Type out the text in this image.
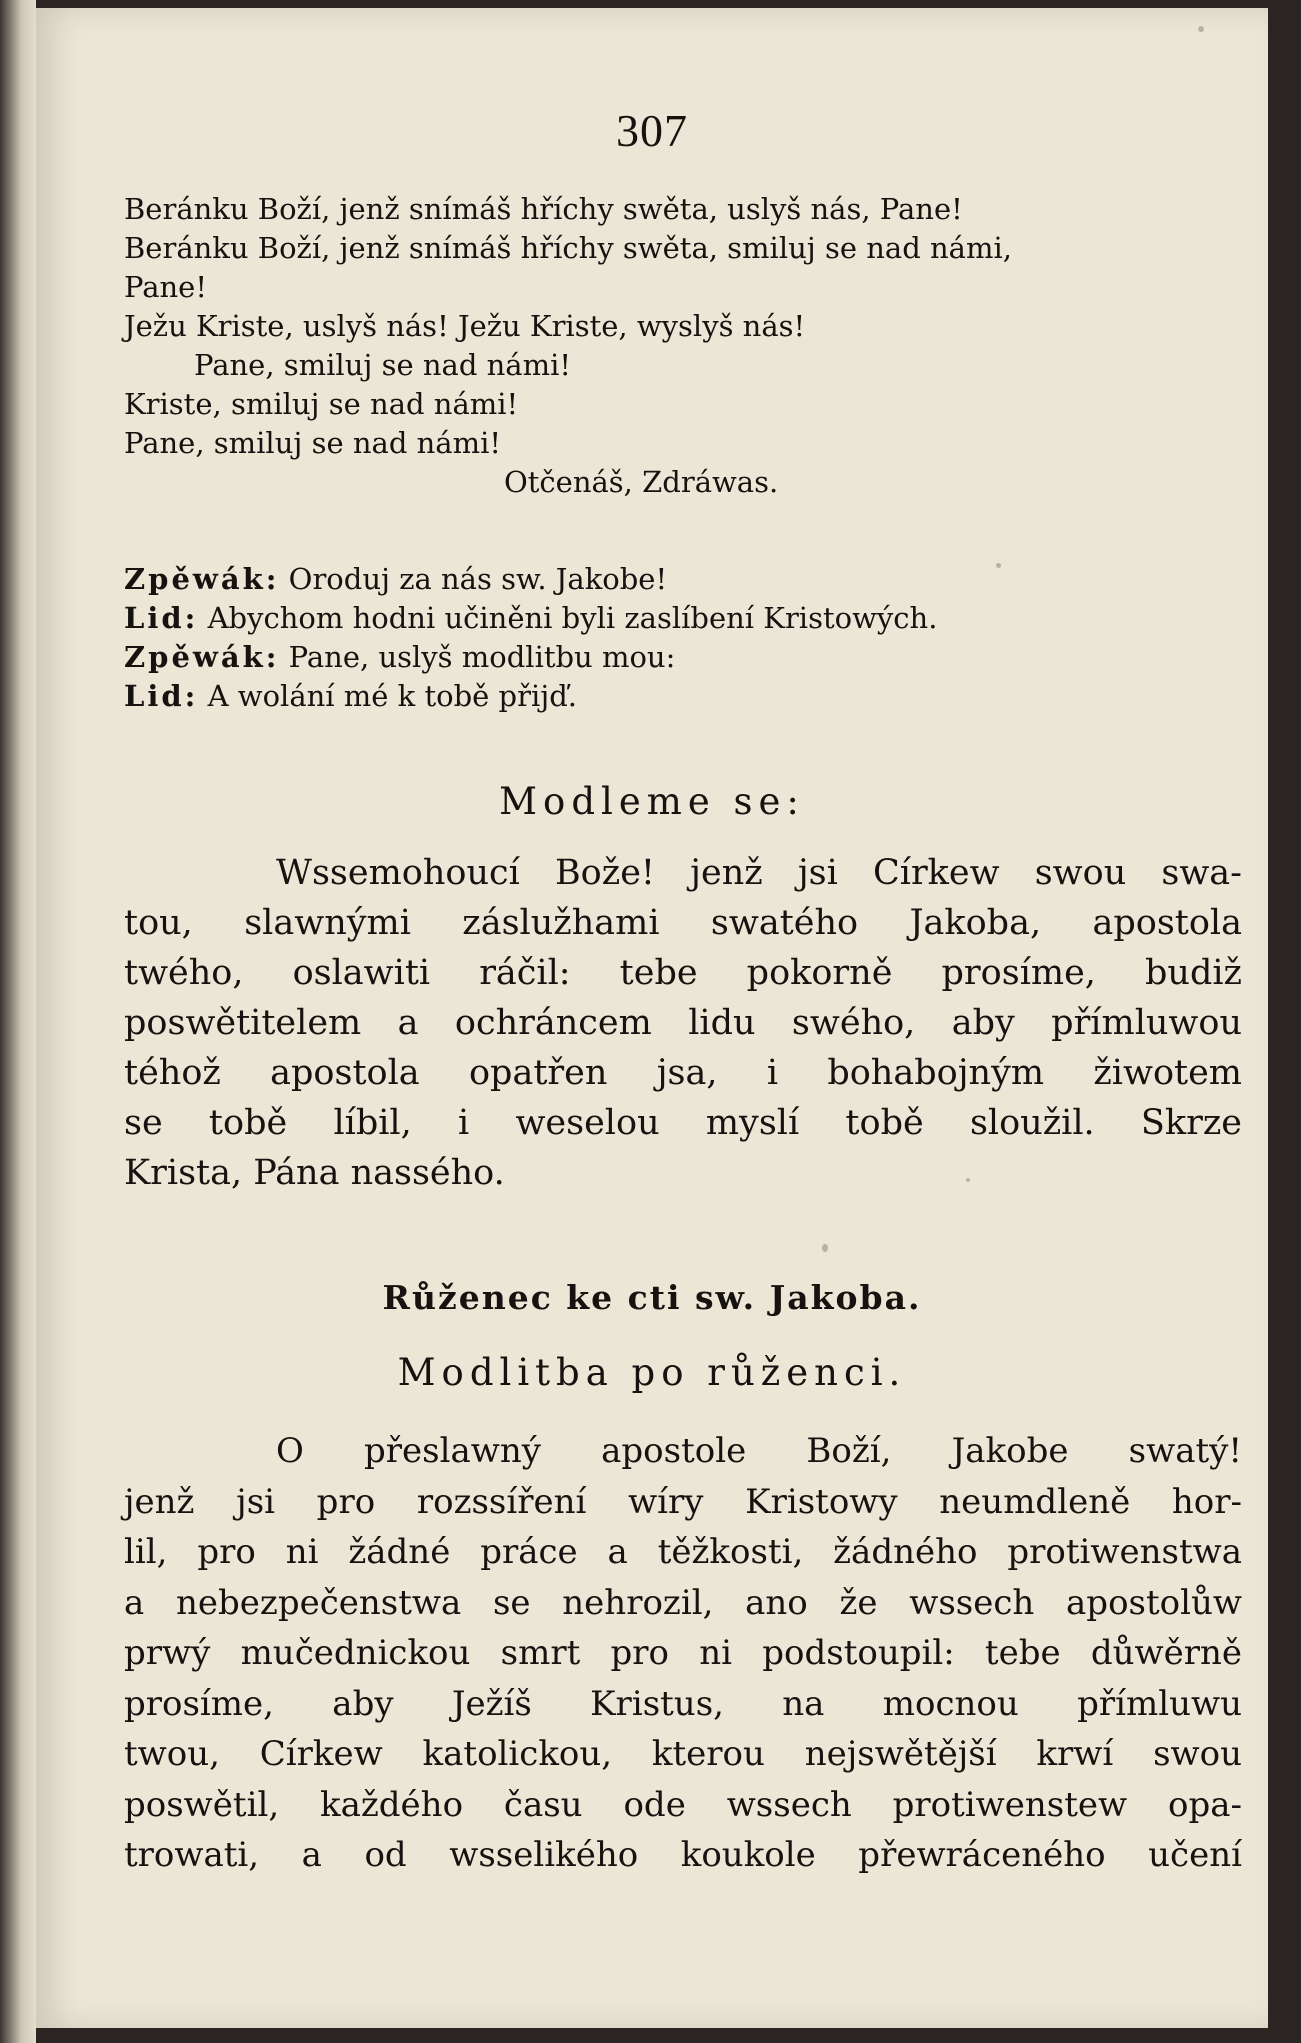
307
Beránku Boží, jenž snímáš hříchy swěta, uslyš nás, Pane!
Beránku Boží, jenž snímáš hříchy swěta, smiluj se nad námi,
Pane!
Ježu Kriste, uslyš nás! Ježu Kriste, wyslyš nás!
Pane, smiluj se nad námi!
Kriste, smiluj se nad námi!
Pane, smiluj se nad námi!
Otčenáš, Zdráwas.
Zpěwák: Oroduj za nás sw. Jakobe!
Lid: Abychom hodni učiněni byli zaslíbení Kristowých.
Zpěwák: Pane, uslyš modlitbu mou:
Lid: A wolání mé k tobě přijď.
Modleme se:
Wssemohoucí Bože! jenž jsi Církew swou swa-
tou, slawnými záslužhami swatého Jakoba, apostola
twého, oslawiti ráčil: tebe pokorně prosíme, budiž
poswětitelem a ochráncem lidu swého, aby přímluwou
téhož apostola opatřen jsa, i bohabojným žiwotem
se tobě líbil, i weselou myslí tobě sloužil. Skrze
Krista, Pána nassého.
Růženec ke cti sw. Jakoba.
Modlitba po růženci.
O přeslawný apostole Boží, Jakobe swatý!
jenž jsi pro rozssíření wíry Kristowy neumdleně hor-
lil, pro ni žádné práce a těžkosti, žádného protiwenstwa
a nebezpečenstwa se nehrozil, ano že wssech apostolůw
prwý mučednickou smrt pro ni podstoupil: tebe důwěrně
prosíme, aby Ježíš Kristus, na mocnou přímluwu
twou, Církew katolickou, kterou nejswětější krwí swou
poswětil, každého času ode wssech protiwenstew opa-
trowati, a od wsselikého koukole přewráceného učení
